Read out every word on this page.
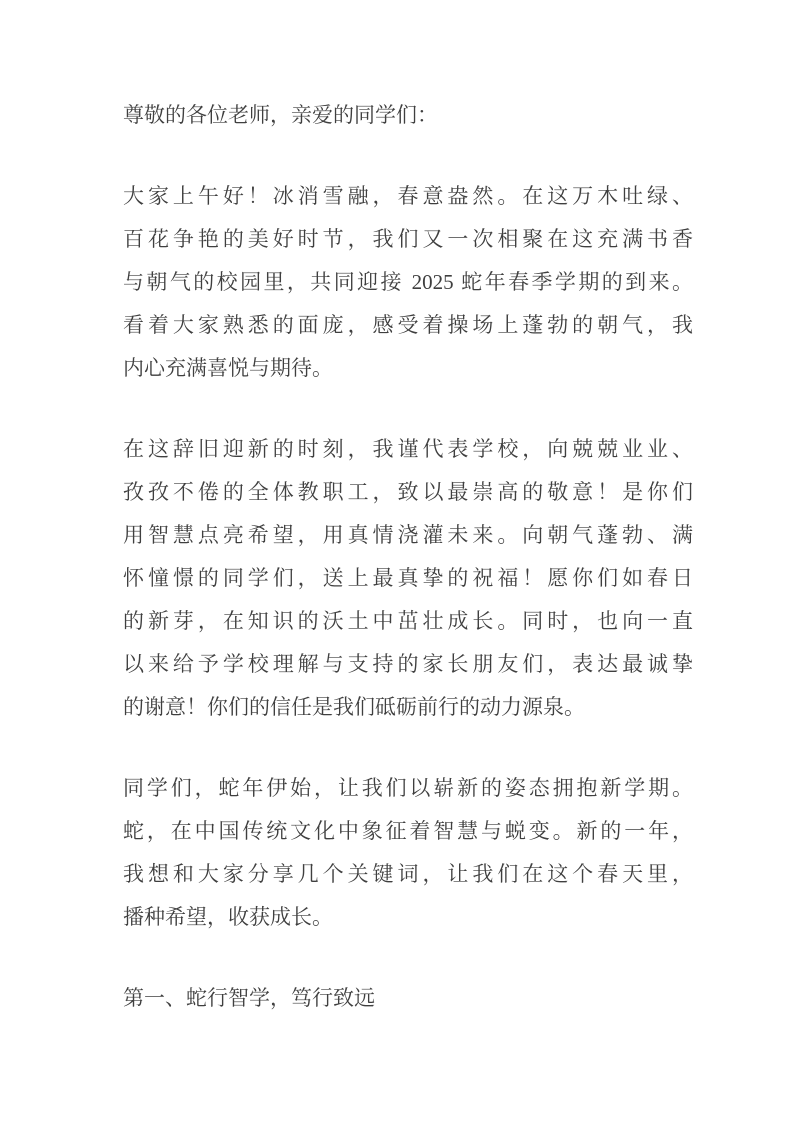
尊敬的各位老师，亲爱的同学们：
大家上午好！冰消雪融，春意盎然。在这万木吐绿、
百花争艳的美好时节，我们又一次相聚在这充满书香
与朝气的校园里，共同迎接 2025 蛇年春季学期的到来。
看着大家熟悉的面庞，感受着操场上蓬勃的朝气，我
内心充满喜悦与期待。
在这辞旧迎新的时刻，我谨代表学校，向兢兢业业、
孜孜不倦的全体教职工，致以最崇高的敬意！是你们
用智慧点亮希望，用真情浇灌未来。向朝气蓬勃、满
怀憧憬的同学们，送上最真挚的祝福！愿你们如春日
的新芽，在知识的沃土中茁壮成长。同时，也向一直
以来给予学校理解与支持的家长朋友们，表达最诚挚
的谢意！你们的信任是我们砥砺前行的动力源泉。
同学们，蛇年伊始，让我们以崭新的姿态拥抱新学期。
蛇，在中国传统文化中象征着智慧与蜕变。新的一年，
我想和大家分享几个关键词，让我们在这个春天里，
播种希望，收获成长。
第一、蛇行智学，笃行致远
